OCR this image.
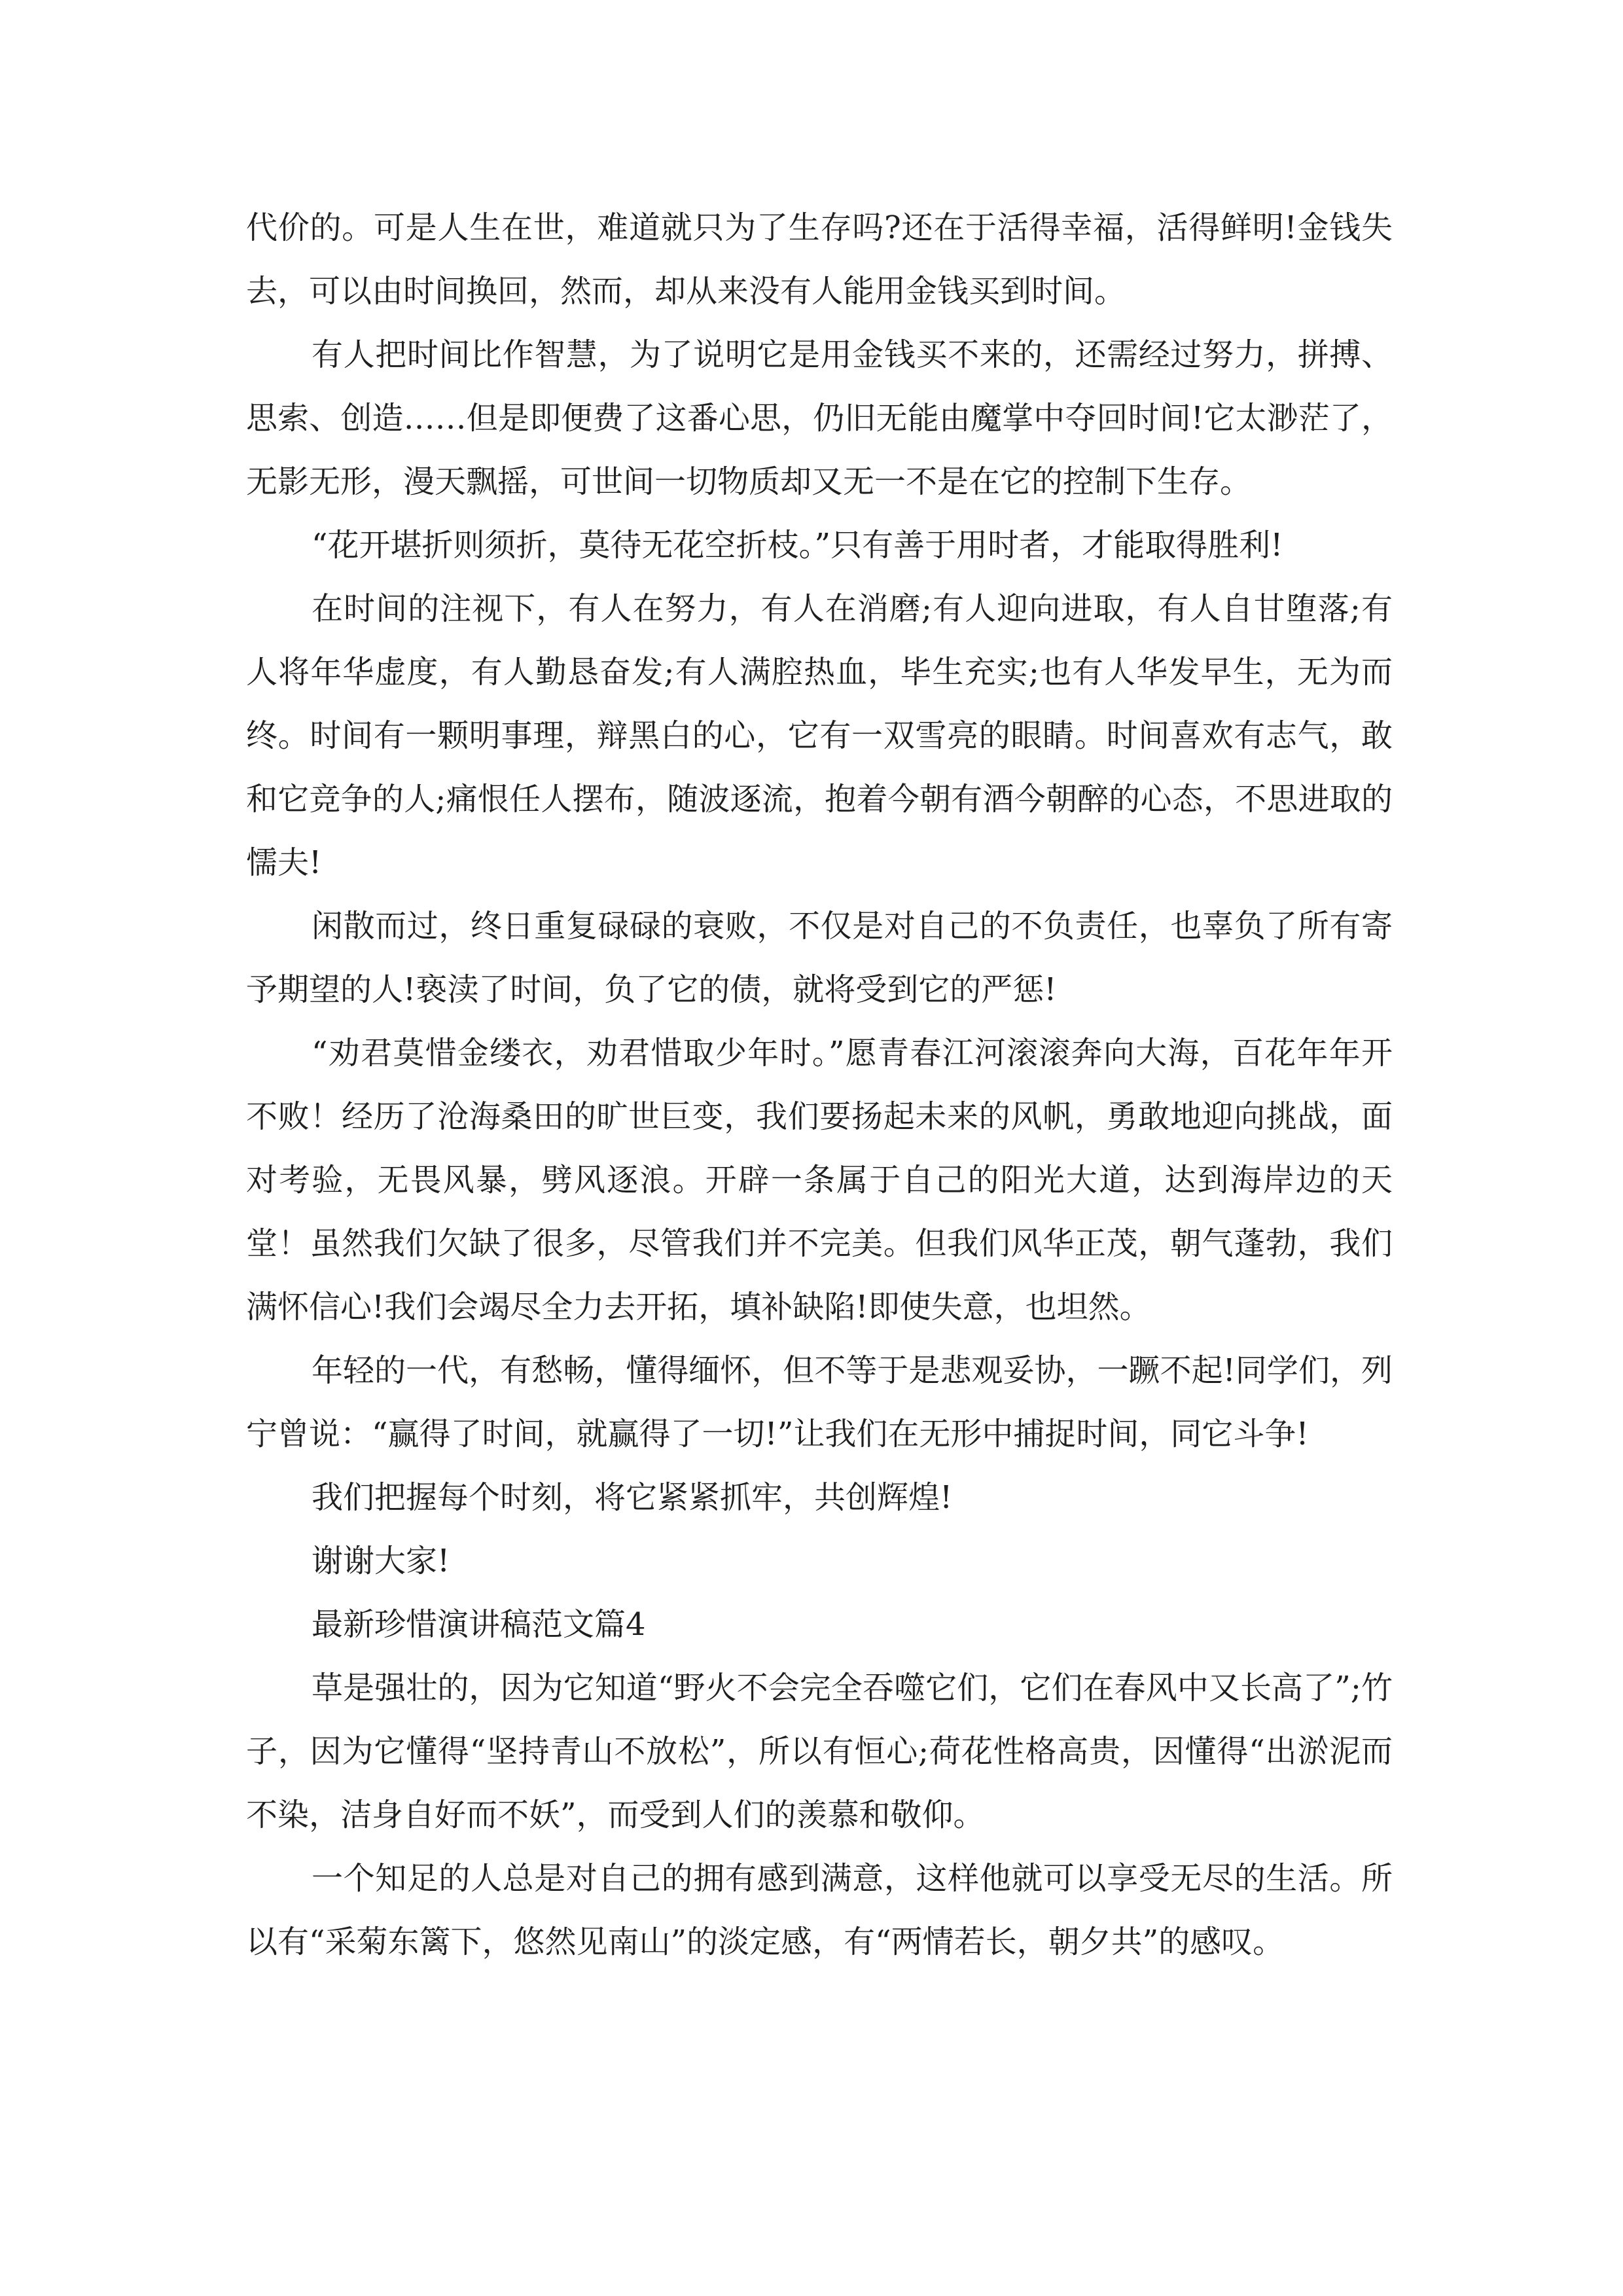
代价的。可是人生在世，难道就只为了生存吗?还在于活得幸福，活得鲜明!金钱失去，可以由时间换回，然而，却从来没有人能用金钱买到时间。

有人把时间比作智慧，为了说明它是用金钱买不来的，还需经过努力，拼搏、思索、创造……但是即便费了这番心思，仍旧无能由魔掌中夺回时间!它太渺茫了，无影无形，漫天飘摇，可世间一切物质却又无一不是在它的控制下生存。

“花开堪折则须折，莫待无花空折枝。”只有善于用时者，才能取得胜利!

在时间的注视下，有人在努力，有人在消磨;有人迎向进取，有人自甘堕落;有人将年华虚度，有人勤恳奋发;有人满腔热血，毕生充实;也有人华发早生，无为而终。时间有一颗明事理，辩黑白的心，它有一双雪亮的眼睛。时间喜欢有志气，敢和它竞争的人;痛恨任人摆布，随波逐流，抱着今朝有酒今朝醉的心态，不思进取的懦夫!

闲散而过，终日重复碌碌的衰败，不仅是对自己的不负责任，也辜负了所有寄予期望的人!亵渎了时间，负了它的债，就将受到它的严惩!

“劝君莫惜金缕衣，劝君惜取少年时。”愿青春江河滚滚奔向大海，百花年年开不败！经历了沧海桑田的旷世巨变，我们要扬起未来的风帆，勇敢地迎向挑战，面对考验，无畏风暴，劈风逐浪。开辟一条属于自己的阳光大道，达到海岸边的天堂！虽然我们欠缺了很多，尽管我们并不完美。但我们风华正茂，朝气蓬勃，我们满怀信心!我们会竭尽全力去开拓，填补缺陷!即使失意，也坦然。

年轻的一代，有愁畅，懂得缅怀，但不等于是悲观妥协，一蹶不起!同学们，列宁曾说：“赢得了时间，就赢得了一切!”让我们在无形中捕捉时间，同它斗争!

我们把握每个时刻，将它紧紧抓牢，共创辉煌!

谢谢大家!

最新珍惜演讲稿范文篇4

草是强壮的，因为它知道“野火不会完全吞噬它们，它们在春风中又长高了”;竹子，因为它懂得“坚持青山不放松”，所以有恒心;荷花性格高贵，因懂得“出淤泥而不染，洁身自好而不妖”，而受到人们的羡慕和敬仰。

一个知足的人总是对自己的拥有感到满意，这样他就可以享受无尽的生活。所以有“采菊东篱下，悠然见南山”的淡定感，有“两情若长，朝夕共”的感叹。
